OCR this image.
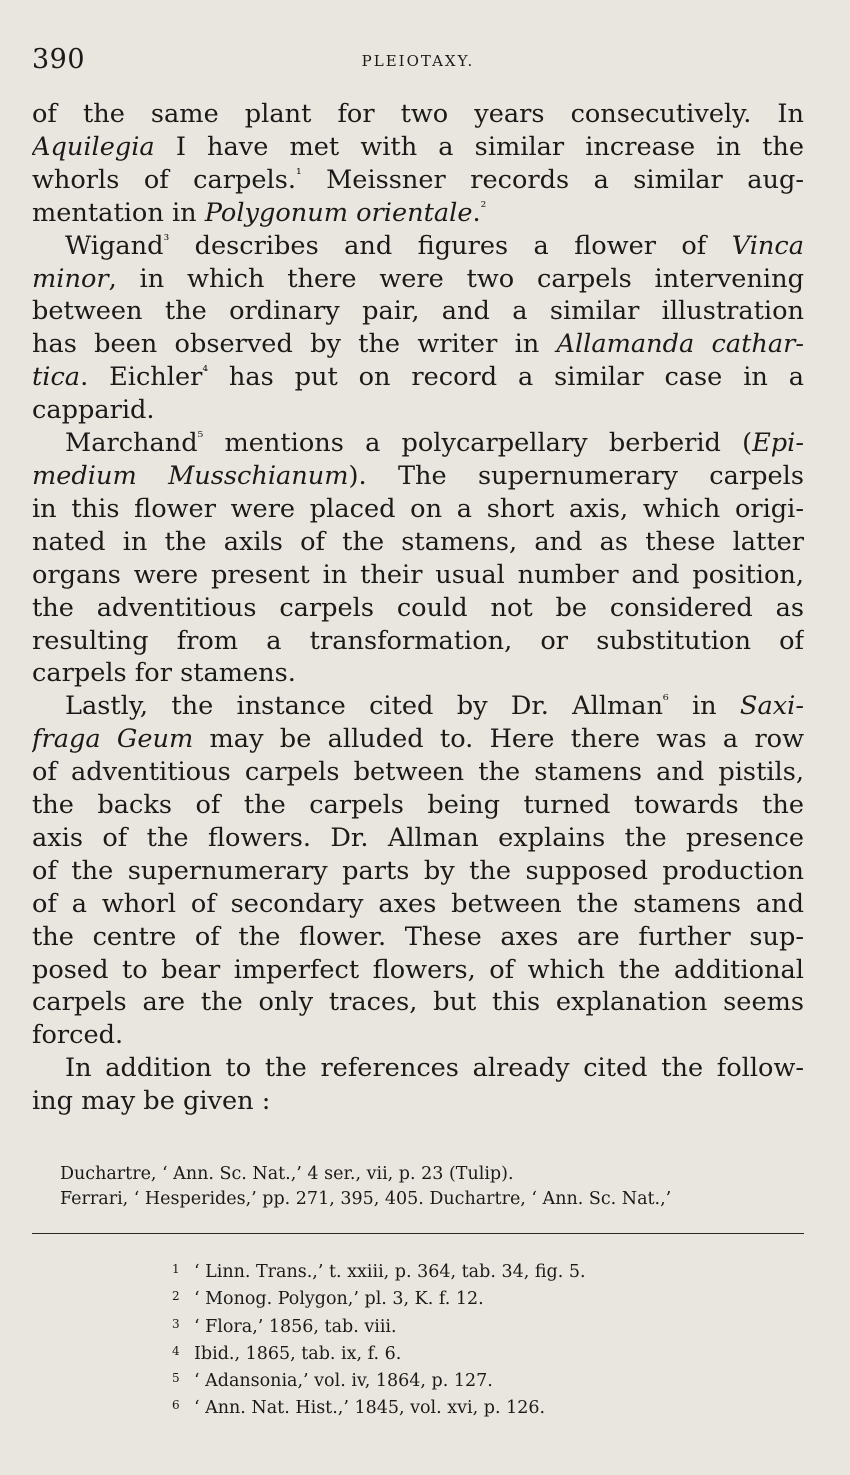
390	PLEIOTAXY.

of the same plant for two years consecutively. In
Aquilegia I have met with a similar increase in the
whorls of carpels.$^{^1}$ Meissner records a similar aug-
mentation in Polygonum orientale.$^{^2}$

Wigand$^{^3}$ describes and figures a flower of Vinca
minor, in which there were two carpels intervening
between the ordinary pair, and a similar illustration
has been observed by the writer in Allamanda cathar-
tica. Eichler$^{^4}$ has put on record a similar case in a
capparid.

Marchand$^{^5}$ mentions a polycarpellary berberid (Epi-
medium Musschianum). The supernumerary carpels
in this flower were placed on a short axis, which origi-
nated in the axils of the stamens, and as these latter
organs were present in their usual number and position,
the adventitious carpels could not be considered as
resulting from a transformation, or substitution of
carpels for stamens.

Lastly, the instance cited by Dr. Allman$^{^6}$ in Saxi-
fraga Geum may be alluded to. Here there was a row
of adventitious carpels between the stamens and pistils,
the backs of the carpels being turned towards the
axis of the flowers. Dr. Allman explains the presence
of the supernumerary parts by the supposed production
of a whorl of secondary axes between the stamens and
the centre of the flower. These axes are further sup-
posed to bear imperfect flowers, of which the additional
carpels are the only traces, but this explanation seems
forced.

In addition to the references already cited the follow-
ing may be given :

Duchartre, ‘ Ann. Sc. Nat.,’ 4 ser., vii, p. 23 (Tulip).
Ferrari, ‘ Hesperides,’ pp. 271, 395, 405. Duchartre, ‘ Ann. Sc. Nat.,’
1 ‘ Linn. Trans.,’ t. xxiii, p. 364, tab. 34, fig. 5.
2 ‘ Monog. Polygon,’ pl. 3, K. f. 12.
3 ‘ Flora,’ 1856, tab. viii.
4 Ibid., 1865, tab. ix, f. 6.
5 ‘ Adansonia,’ vol. iv, 1864, p. 127.
6 ‘ Ann. Nat. Hist.,’ 1845, vol. xvi, p. 126.
